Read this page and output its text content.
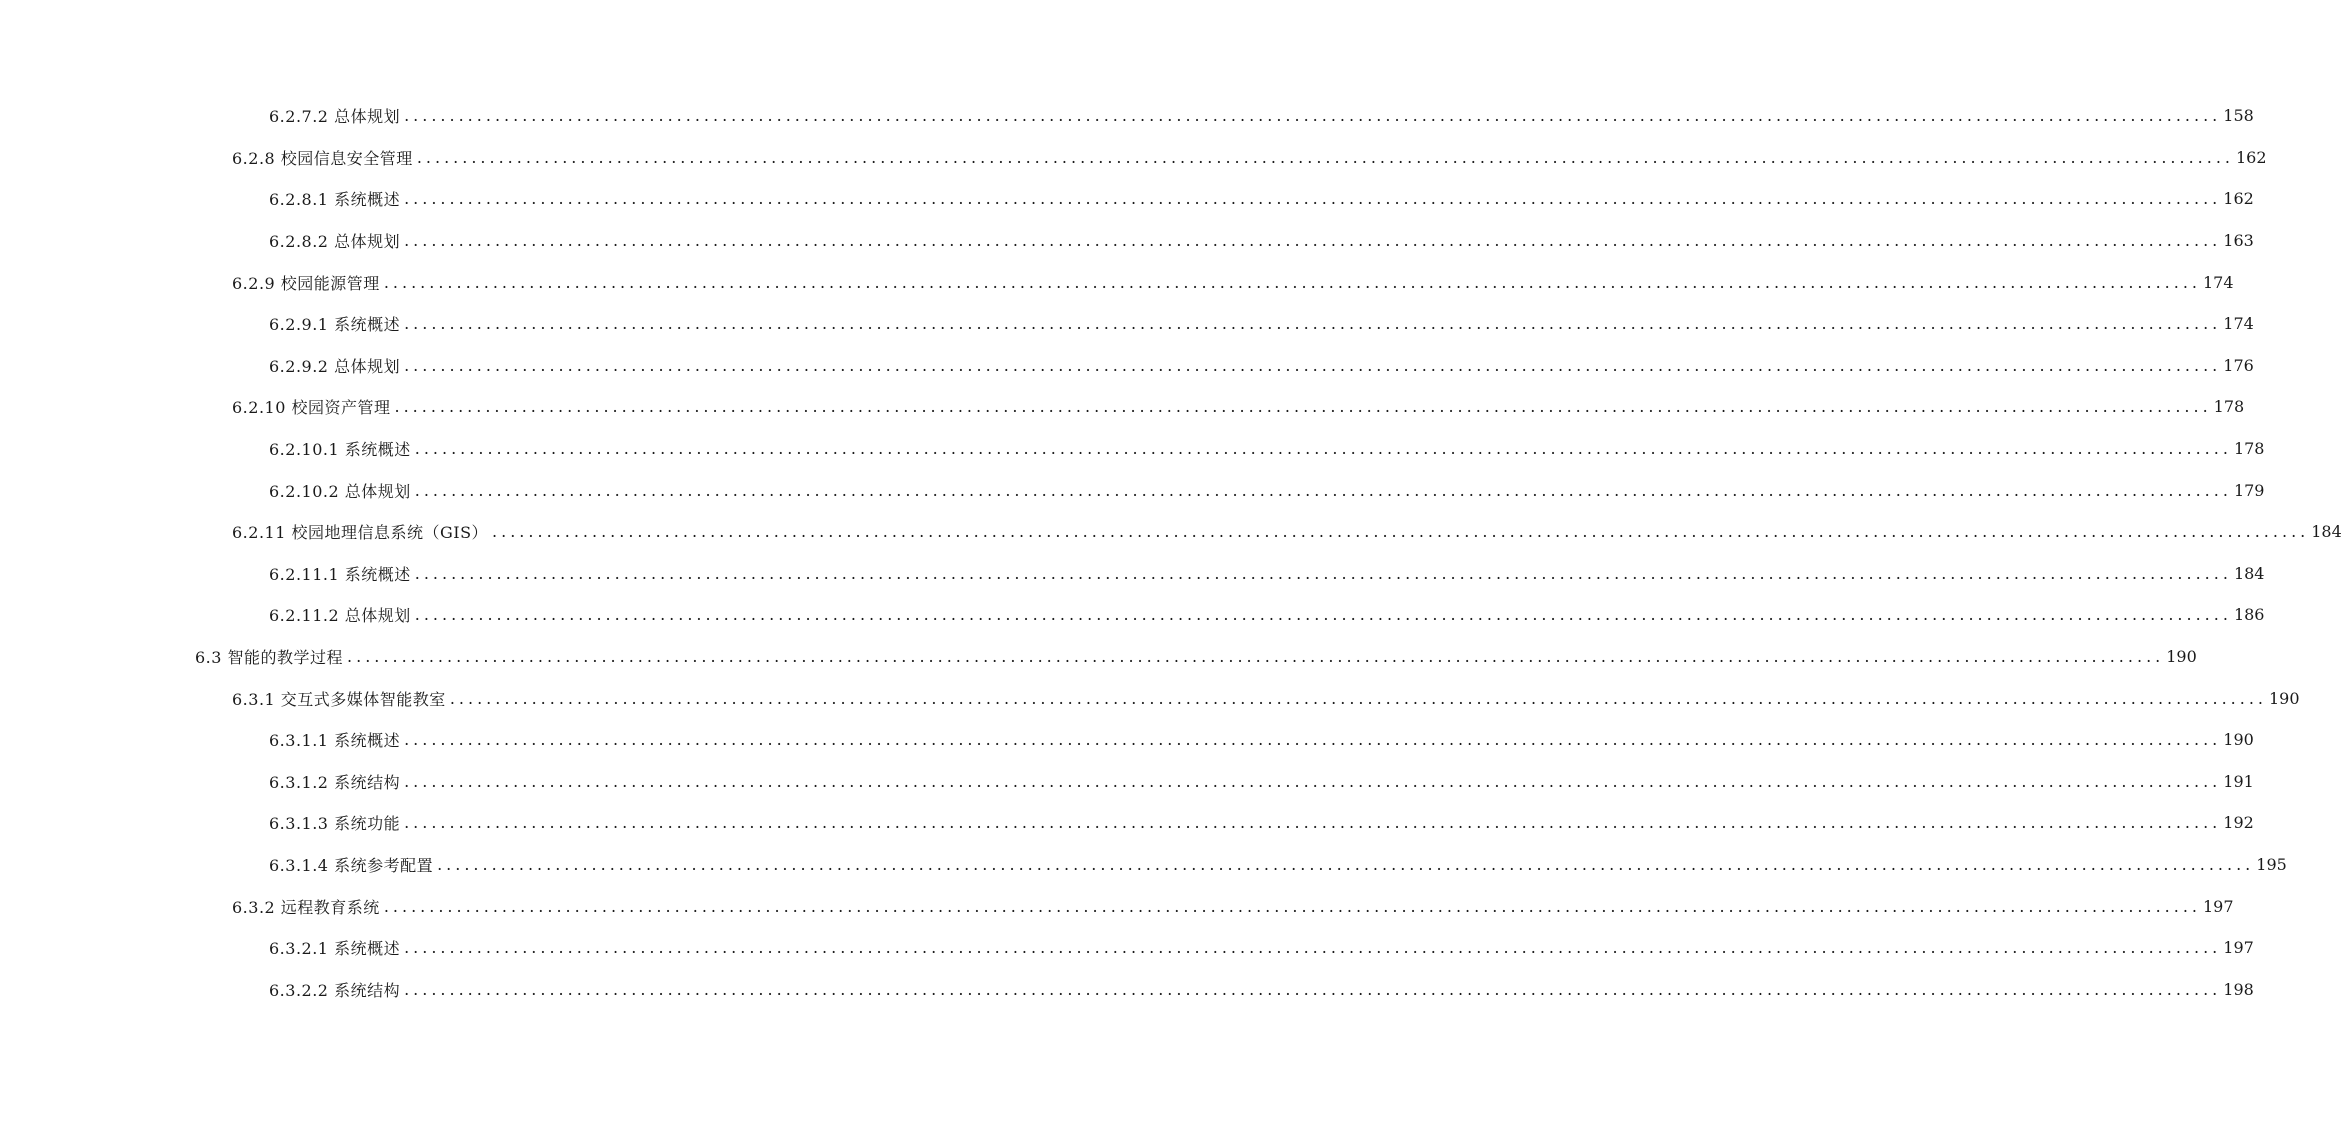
6.2.7.2 总体规划 ........................................................................................................................................................................................................ 158
6.2.8 校园信息安全管理 ........................................................................................................................................................................................................ 162
6.2.8.1 系统概述 ........................................................................................................................................................................................................ 162
6.2.8.2 总体规划 ........................................................................................................................................................................................................ 163
6.2.9 校园能源管理 ........................................................................................................................................................................................................ 174
6.2.9.1 系统概述 ........................................................................................................................................................................................................ 174
6.2.9.2 总体规划 ........................................................................................................................................................................................................ 176
6.2.10 校园资产管理 ........................................................................................................................................................................................................ 178
6.2.10.1 系统概述 ........................................................................................................................................................................................................ 178
6.2.10.2 总体规划 ........................................................................................................................................................................................................ 179
6.2.11 校园地理信息系统（GIS） ........................................................................................................................................................................................................ 184
6.2.11.1 系统概述 ........................................................................................................................................................................................................ 184
6.2.11.2 总体规划 ........................................................................................................................................................................................................ 186
6.3 智能的教学过程 ........................................................................................................................................................................................................ 190
6.3.1 交互式多媒体智能教室 ........................................................................................................................................................................................................ 190
6.3.1.1 系统概述 ........................................................................................................................................................................................................ 190
6.3.1.2 系统结构 ........................................................................................................................................................................................................ 191
6.3.1.3 系统功能 ........................................................................................................................................................................................................ 192
6.3.1.4 系统参考配置 ........................................................................................................................................................................................................ 195
6.3.2 远程教育系统 ........................................................................................................................................................................................................ 197
6.3.2.1 系统概述 ........................................................................................................................................................................................................ 197
6.3.2.2 系统结构 ........................................................................................................................................................................................................ 198
